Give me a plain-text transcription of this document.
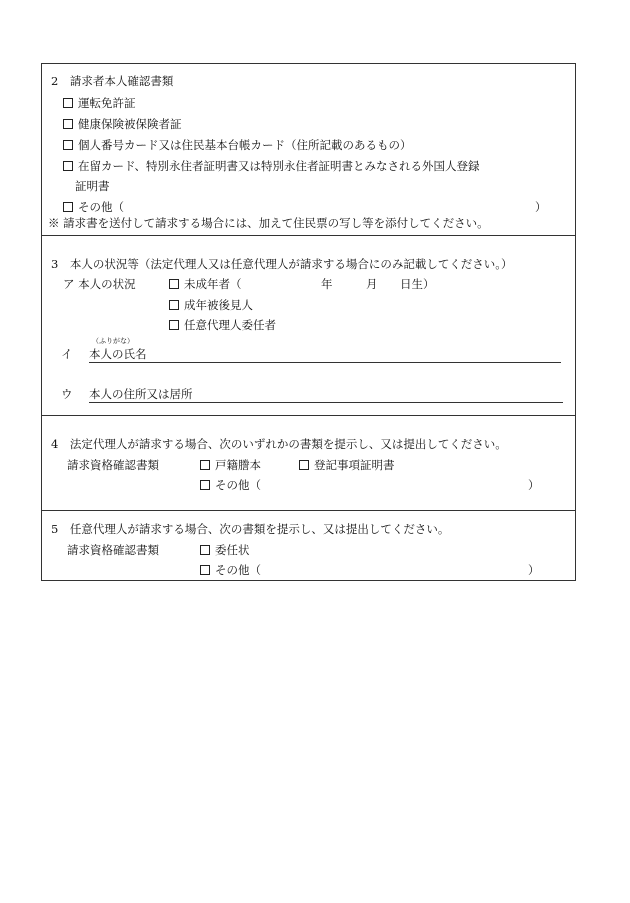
2　請求者本人確認書類
運転免許証
健康保険被保険者証
個人番号カード又は住民基本台帳カード（住所記載のあるもの）
在留カード、特別永住者証明書又は特別永住者証明書とみなされる外国人登録
証明書
その他（	）
※ 請求書を送付して請求する場合には、加えて住民票の写し等を添付してください。
3　本人の状況等（法定代理人又は任意代理人が請求する場合にのみ記載してください。）
ア 本人の状況	未成年者（	年	月 日生）
成年被後見人
任意代理人委任者
（ふりがな）
イ 本人の氏名
ウ 本人の住所又は居所
4　法定代理人が請求する場合、次のいずれかの書類を提示し、又は提出してください。
請求資格確認書類	戸籍謄本	登記事項証明書
その他（	）
5　任意代理人が請求する場合、次の書類を提示し、又は提出してください。
請求資格確認書類	委任状
その他（	）
